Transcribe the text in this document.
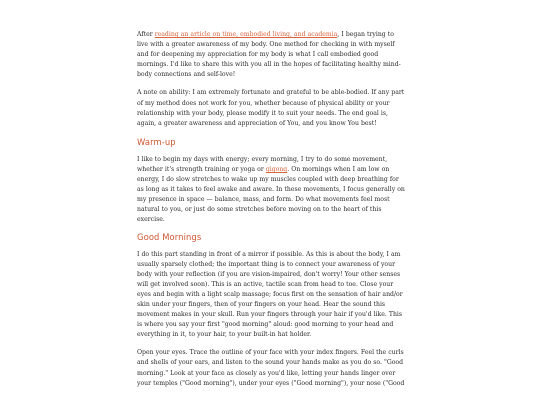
After reading an article on time, embodied living, and academia, I began trying to live with a greater awareness of my body. One method for checking in with myself and for deepening my appreciation for my body is what I call embodied good mornings. I'd like to share this with you all in the hopes of facilitating healthy mind-body connections and self-love!

A note on ability: I am extremely fortunate and grateful to be able-bodied. If any part of my method does not work for you, whether because of physical ability or your relationship with your body, please modify it to suit your needs. The end goal is, again, a greater awareness and appreciation of You, and you know You best!

Warm-up

I like to begin my days with energy; every morning, I try to do some movement, whether it's strength training or yoga or qigong. On mornings when I am low on energy, I do slow stretches to wake up my muscles coupled with deep breathing for as long as it takes to feel awake and aware. In these movements, I focus generally on my presence in space — balance, mass, and form. Do what movements feel most natural to you, or just do some stretches before moving on to the heart of this exercise.

Good Mornings

I do this part standing in front of a mirror if possible. As this is about the body, I am usually sparsely clothed; the important thing is to connect your awareness of your body with your reflection (if you are vision-impaired, don't worry! Your other senses will get involved soon). This is an active, tactile scan from head to toe. Close your eyes and begin with a light scalp massage; focus first on the sensation of hair and/or skin under your fingers, then of your fingers on your head. Hear the sound this movement makes in your skull. Run your fingers through your hair if you'd like. This is where you say your first "good morning" aloud: good morning to your head and everything in it, to your hair, to your built-in hat holder.

Open your eyes. Trace the outline of your face with your index fingers. Feel the curls and shells of your ears, and listen to the sound your hands make as you do so. "Good morning." Look at your face as closely as you'd like, letting your hands linger over your temples ("Good morning"), under your eyes ("Good morning"), your nose ("Good
